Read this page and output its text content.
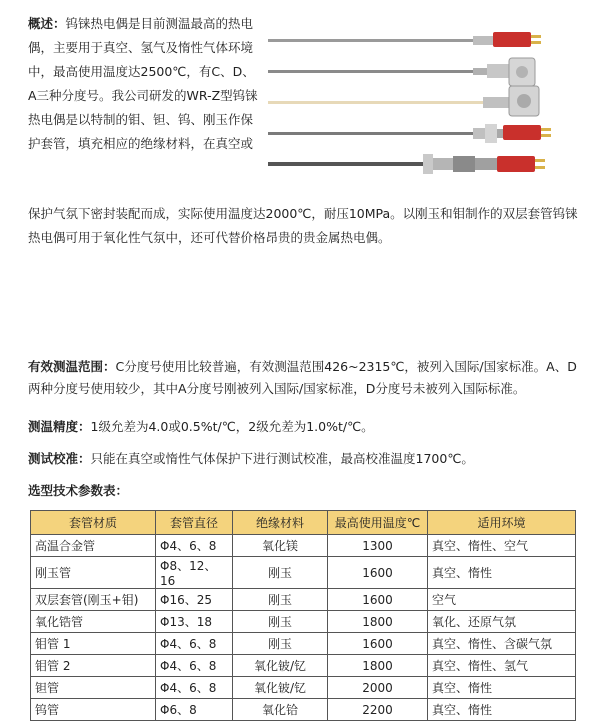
概述：钨铼热电偶是目前测温最高的热电偶，主要用于真空、氢气及惰性气体环境中，最高使用温度达2500℃，有C、D、A三种分度号。我公司研发的WR-Z型钨铼热电偶是以特制的钼、钽、钨、刚玉作保护套管，填充相应的绝缘材料，在真空或
保护气氛下密封装配而成，实际使用温度达2000℃，耐压10MPa。以刚玉和钼制作的双层套管钨铼热电偶可用于氧化性气氛中，还可代替价格昂贵的贵金属热电偶。
有效测温范围：C分度号使用比较普遍，有效测温范围426~2315℃，被列入国际/国家标准。A、D两种分度号使用较少，其中A分度号刚被列入国际/国家标准，D分度号未被列入国际标准。
测温精度：1级允差为4.0或0.5%t/℃，2级允差为1.0%t/℃。
测试校准：只能在真空或惰性气体保护下进行测试校准，最高校准温度1700℃。
选型技术参数表：
套管材质	套管直径	绝缘材料	最高使用温度℃	适用环境
高温合金管	Φ4、6、8	氧化镁	1300	真空、惰性、空气
刚玉管	Φ8、12、16	刚玉	1600	真空、惰性
双层套管(刚玉+钼)	Φ16、25	刚玉	1600	空气
氧化锆管	Φ13、18	刚玉	1800	氧化、还原气氛
钼管 1	Φ4、6、8	刚玉	1600	真空、惰性、含碳气氛
钼管 2	Φ4、6、8	氧化铍/钇	1800	真空、惰性、氢气
钽管	Φ4、6、8	氧化铍/钇	2000	真空、惰性
钨管	Φ6、8	氧化铪	2200	真空、惰性
